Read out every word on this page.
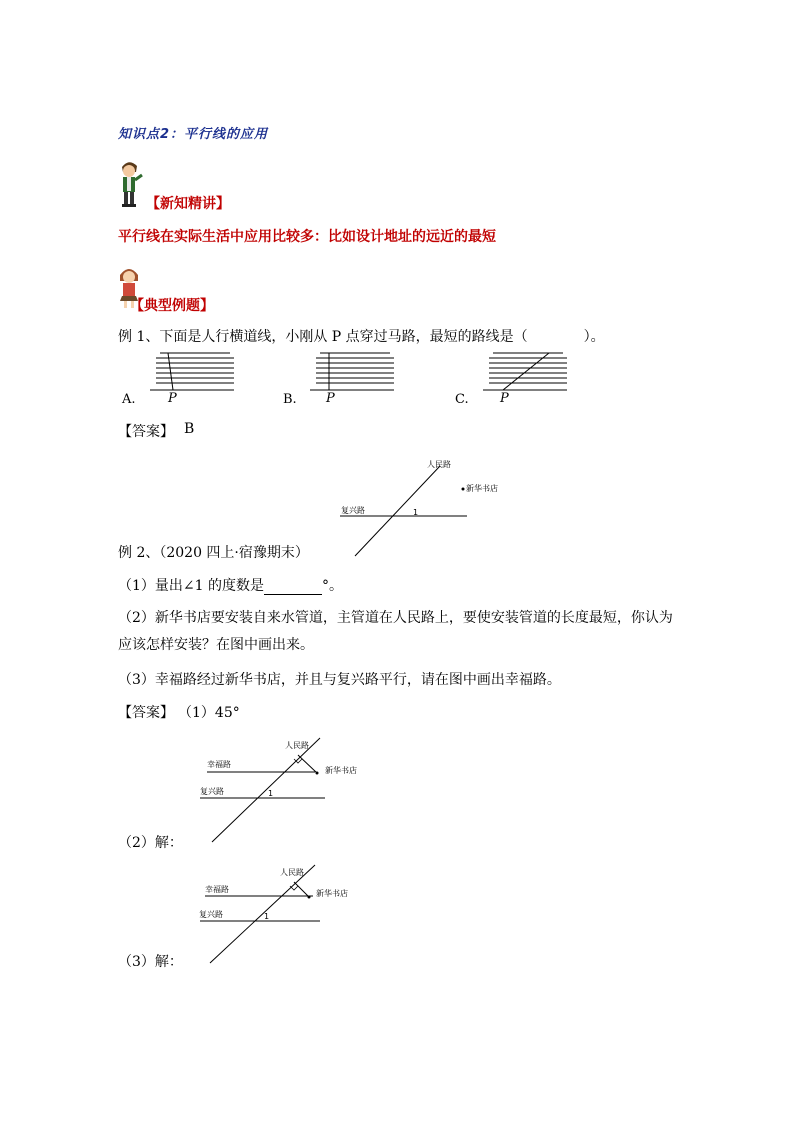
知识点2：平行线的应用
【新知精讲】
平行线在实际生活中应用比较多：比如设计地址的远近的最短
【典型例题】
例 1、下面是人行横道线，小刚从 P 点穿过马路，最短的路线是（　　　　）。
A. P	B. P	C. P
【答案】 B
人民路
新华书店
复兴路	1
例 2、（2020 四上·宿豫期末）
（1）量出∠1 的度数是	°。
（2）新华书店要安装自来水管道，主管道在人民路上，要使安装管道的长度最短，你认为
应该怎样安装？在图中画出来。
（3）幸福路经过新华书店，并且与复兴路平行，请在图中画出幸福路。
【答案】 （1）45°
人民路
幸福路
新华书店
复兴路	1
（2）解：
人民路
幸福路	新华书店
复兴路	1
（3）解：
